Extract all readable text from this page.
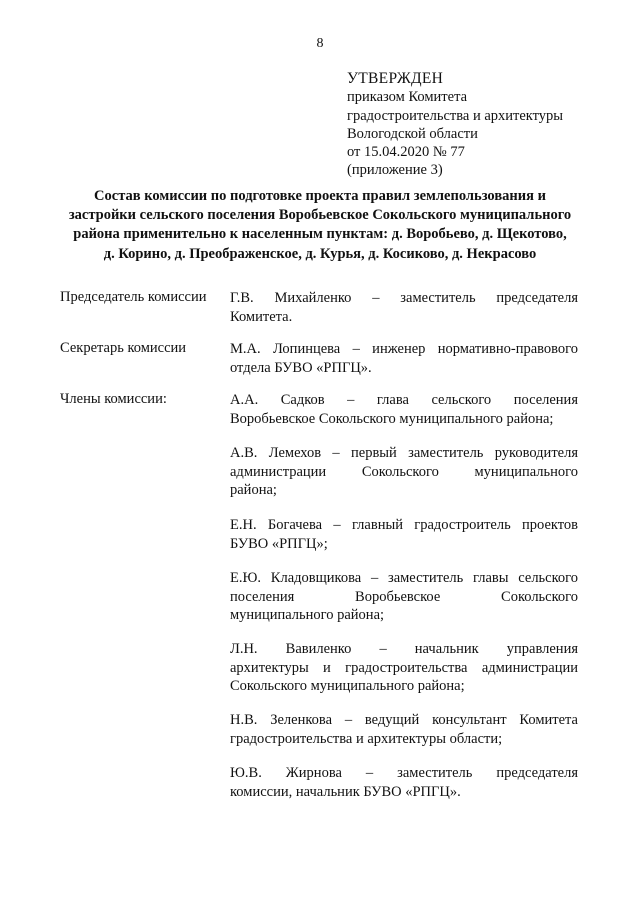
8
УТВЕРЖДЕН
приказом Комитета
градостроительства и архитектуры
Вологодской области
от 15.04.2020 № 77
(приложение 3)
Состав комиссии по подготовке проекта правил землепользования и
застройки сельского поселения Воробьевское Сокольского муниципального
района применительно к населенным пунктам: д. Воробьево, д. Щекотово,
д. Корино, д. Преображенское, д. Курья, д. Косиково, д. Некрасово
Председатель комиссии
Секретарь комиссии
Члены комиссии:
Г.В. Михайленко – заместитель председателя
Комитета.
М.А. Лопинцева – инженер нормативно-правового
отдела БУВО «РПГЦ».
А.А. Садков – глава сельского поселения
Воробьевское Сокольского муниципального района;
А.В. Лемехов – первый заместитель руководителя
администрации Сокольского муниципального
района;
Е.Н. Богачева – главный градостроитель проектов
БУВО «РПГЦ»;
Е.Ю. Кладовщикова – заместитель главы сельского
поселения Воробьевское Сокольского
муниципального района;
Л.Н. Вавиленко – начальник управления
архитектуры и градостроительства администрации
Сокольского муниципального района;
Н.В. Зеленкова – ведущий консультант Комитета
градостроительства и архитектуры области;
Ю.В. Жирнова – заместитель председателя
комиссии, начальник БУВО «РПГЦ».
